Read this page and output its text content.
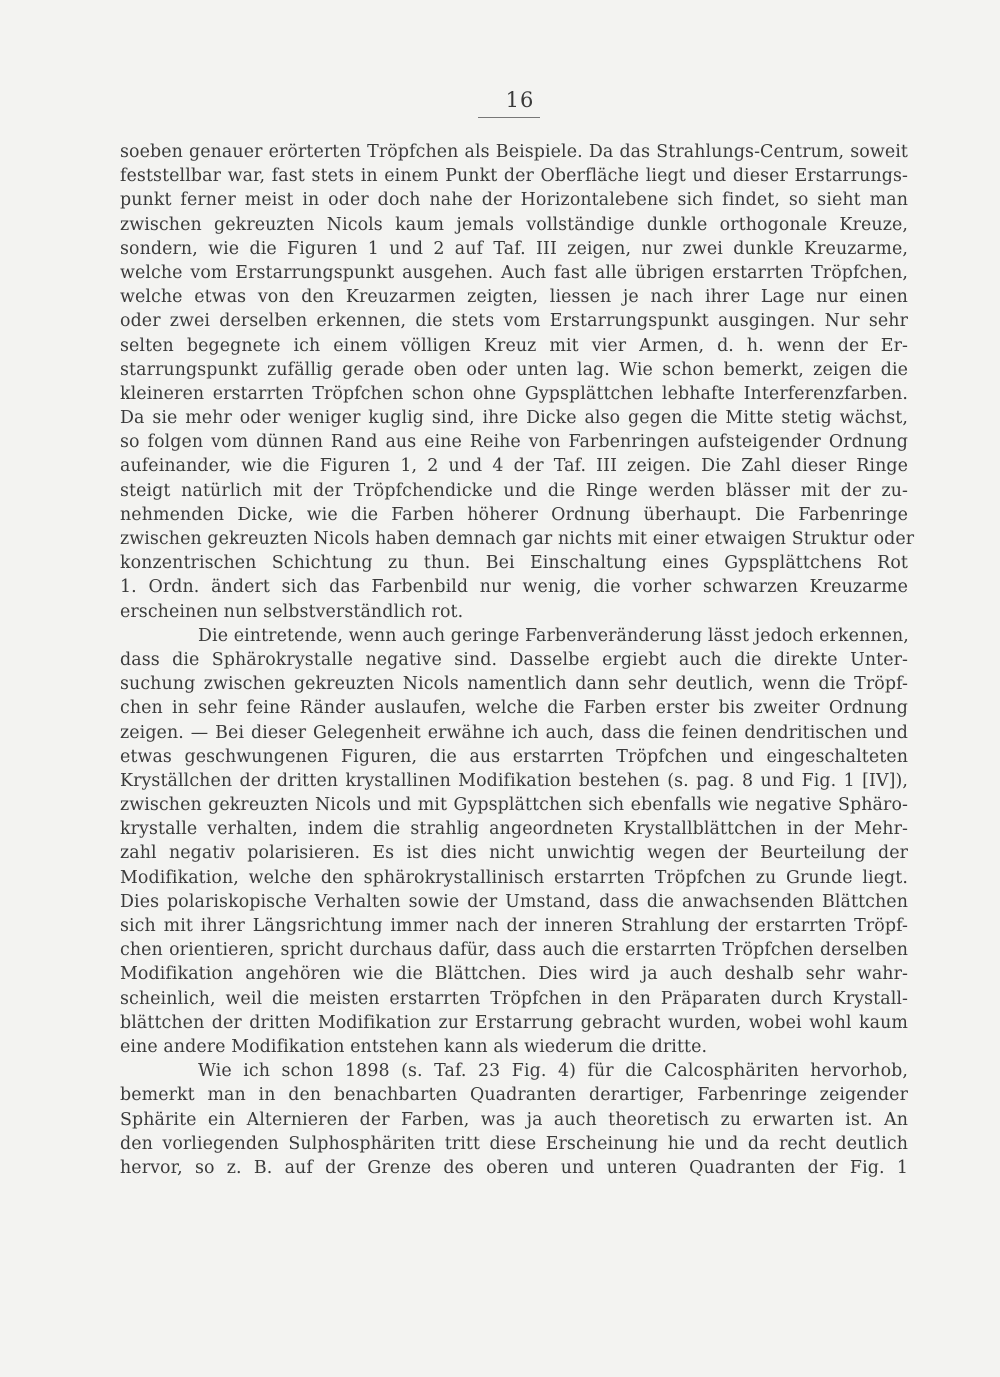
16
soeben genauer erörterten Tröpfchen als Beispiele. Da das Strahlungs-Centrum, soweit
feststellbar war, fast stets in einem Punkt der Oberfläche liegt und dieser Erstarrungs-
punkt ferner meist in oder doch nahe der Horizontalebene sich findet, so sieht man
zwischen gekreuzten Nicols kaum jemals vollständige dunkle orthogonale Kreuze,
sondern, wie die Figuren 1 und 2 auf Taf. III zeigen, nur zwei dunkle Kreuzarme,
welche vom Erstarrungspunkt ausgehen. Auch fast alle übrigen erstarrten Tröpfchen,
welche etwas von den Kreuzarmen zeigten, liessen je nach ihrer Lage nur einen
oder zwei derselben erkennen, die stets vom Erstarrungspunkt ausgingen. Nur sehr
selten begegnete ich einem völligen Kreuz mit vier Armen, d. h. wenn der Er-
starrungspunkt zufällig gerade oben oder unten lag. Wie schon bemerkt, zeigen die
kleineren erstarrten Tröpfchen schon ohne Gypsplättchen lebhafte Interferenzfarben.
Da sie mehr oder weniger kuglig sind, ihre Dicke also gegen die Mitte stetig wächst,
so folgen vom dünnen Rand aus eine Reihe von Farbenringen aufsteigender Ordnung
aufeinander, wie die Figuren 1, 2 und 4 der Taf. III zeigen. Die Zahl dieser Ringe
steigt natürlich mit der Tröpfchendicke und die Ringe werden blässer mit der zu-
nehmenden Dicke, wie die Farben höherer Ordnung überhaupt. Die Farbenringe
zwischen gekreuzten Nicols haben demnach gar nichts mit einer etwaigen Struktur oder
konzentrischen Schichtung zu thun. Bei Einschaltung eines Gypsplättchens Rot
1. Ordn. ändert sich das Farbenbild nur wenig, die vorher schwarzen Kreuzarme
erscheinen nun selbstverständlich rot.
Die eintretende, wenn auch geringe Farbenveränderung lässt jedoch erkennen,
dass die Sphärokrystalle negative sind. Dasselbe ergiebt auch die direkte Unter-
suchung zwischen gekreuzten Nicols namentlich dann sehr deutlich, wenn die Tröpf-
chen in sehr feine Ränder auslaufen, welche die Farben erster bis zweiter Ordnung
zeigen. — Bei dieser Gelegenheit erwähne ich auch, dass die feinen dendritischen und
etwas geschwungenen Figuren, die aus erstarrten Tröpfchen und eingeschalteten
Kryställchen der dritten krystallinen Modifikation bestehen (s. pag. 8 und Fig. 1 [IV]),
zwischen gekreuzten Nicols und mit Gypsplättchen sich ebenfalls wie negative Sphäro-
krystalle verhalten, indem die strahlig angeordneten Krystallblättchen in der Mehr-
zahl negativ polarisieren. Es ist dies nicht unwichtig wegen der Beurteilung der
Modifikation, welche den sphärokrystallinisch erstarrten Tröpfchen zu Grunde liegt.
Dies polariskopische Verhalten sowie der Umstand, dass die anwachsenden Blättchen
sich mit ihrer Längsrichtung immer nach der inneren Strahlung der erstarrten Tröpf-
chen orientieren, spricht durchaus dafür, dass auch die erstarrten Tröpfchen derselben
Modifikation angehören wie die Blättchen. Dies wird ja auch deshalb sehr wahr-
scheinlich, weil die meisten erstarrten Tröpfchen in den Präparaten durch Krystall-
blättchen der dritten Modifikation zur Erstarrung gebracht wurden, wobei wohl kaum
eine andere Modifikation entstehen kann als wiederum die dritte.
Wie ich schon 1898 (s. Taf. 23 Fig. 4) für die Calcosphäriten hervorhob,
bemerkt man in den benachbarten Quadranten derartiger, Farbenringe zeigender
Sphärite ein Alternieren der Farben, was ja auch theoretisch zu erwarten ist. An
den vorliegenden Sulphosphäriten tritt diese Erscheinung hie und da recht deutlich
hervor, so z. B. auf der Grenze des oberen und unteren Quadranten der Fig. 1
